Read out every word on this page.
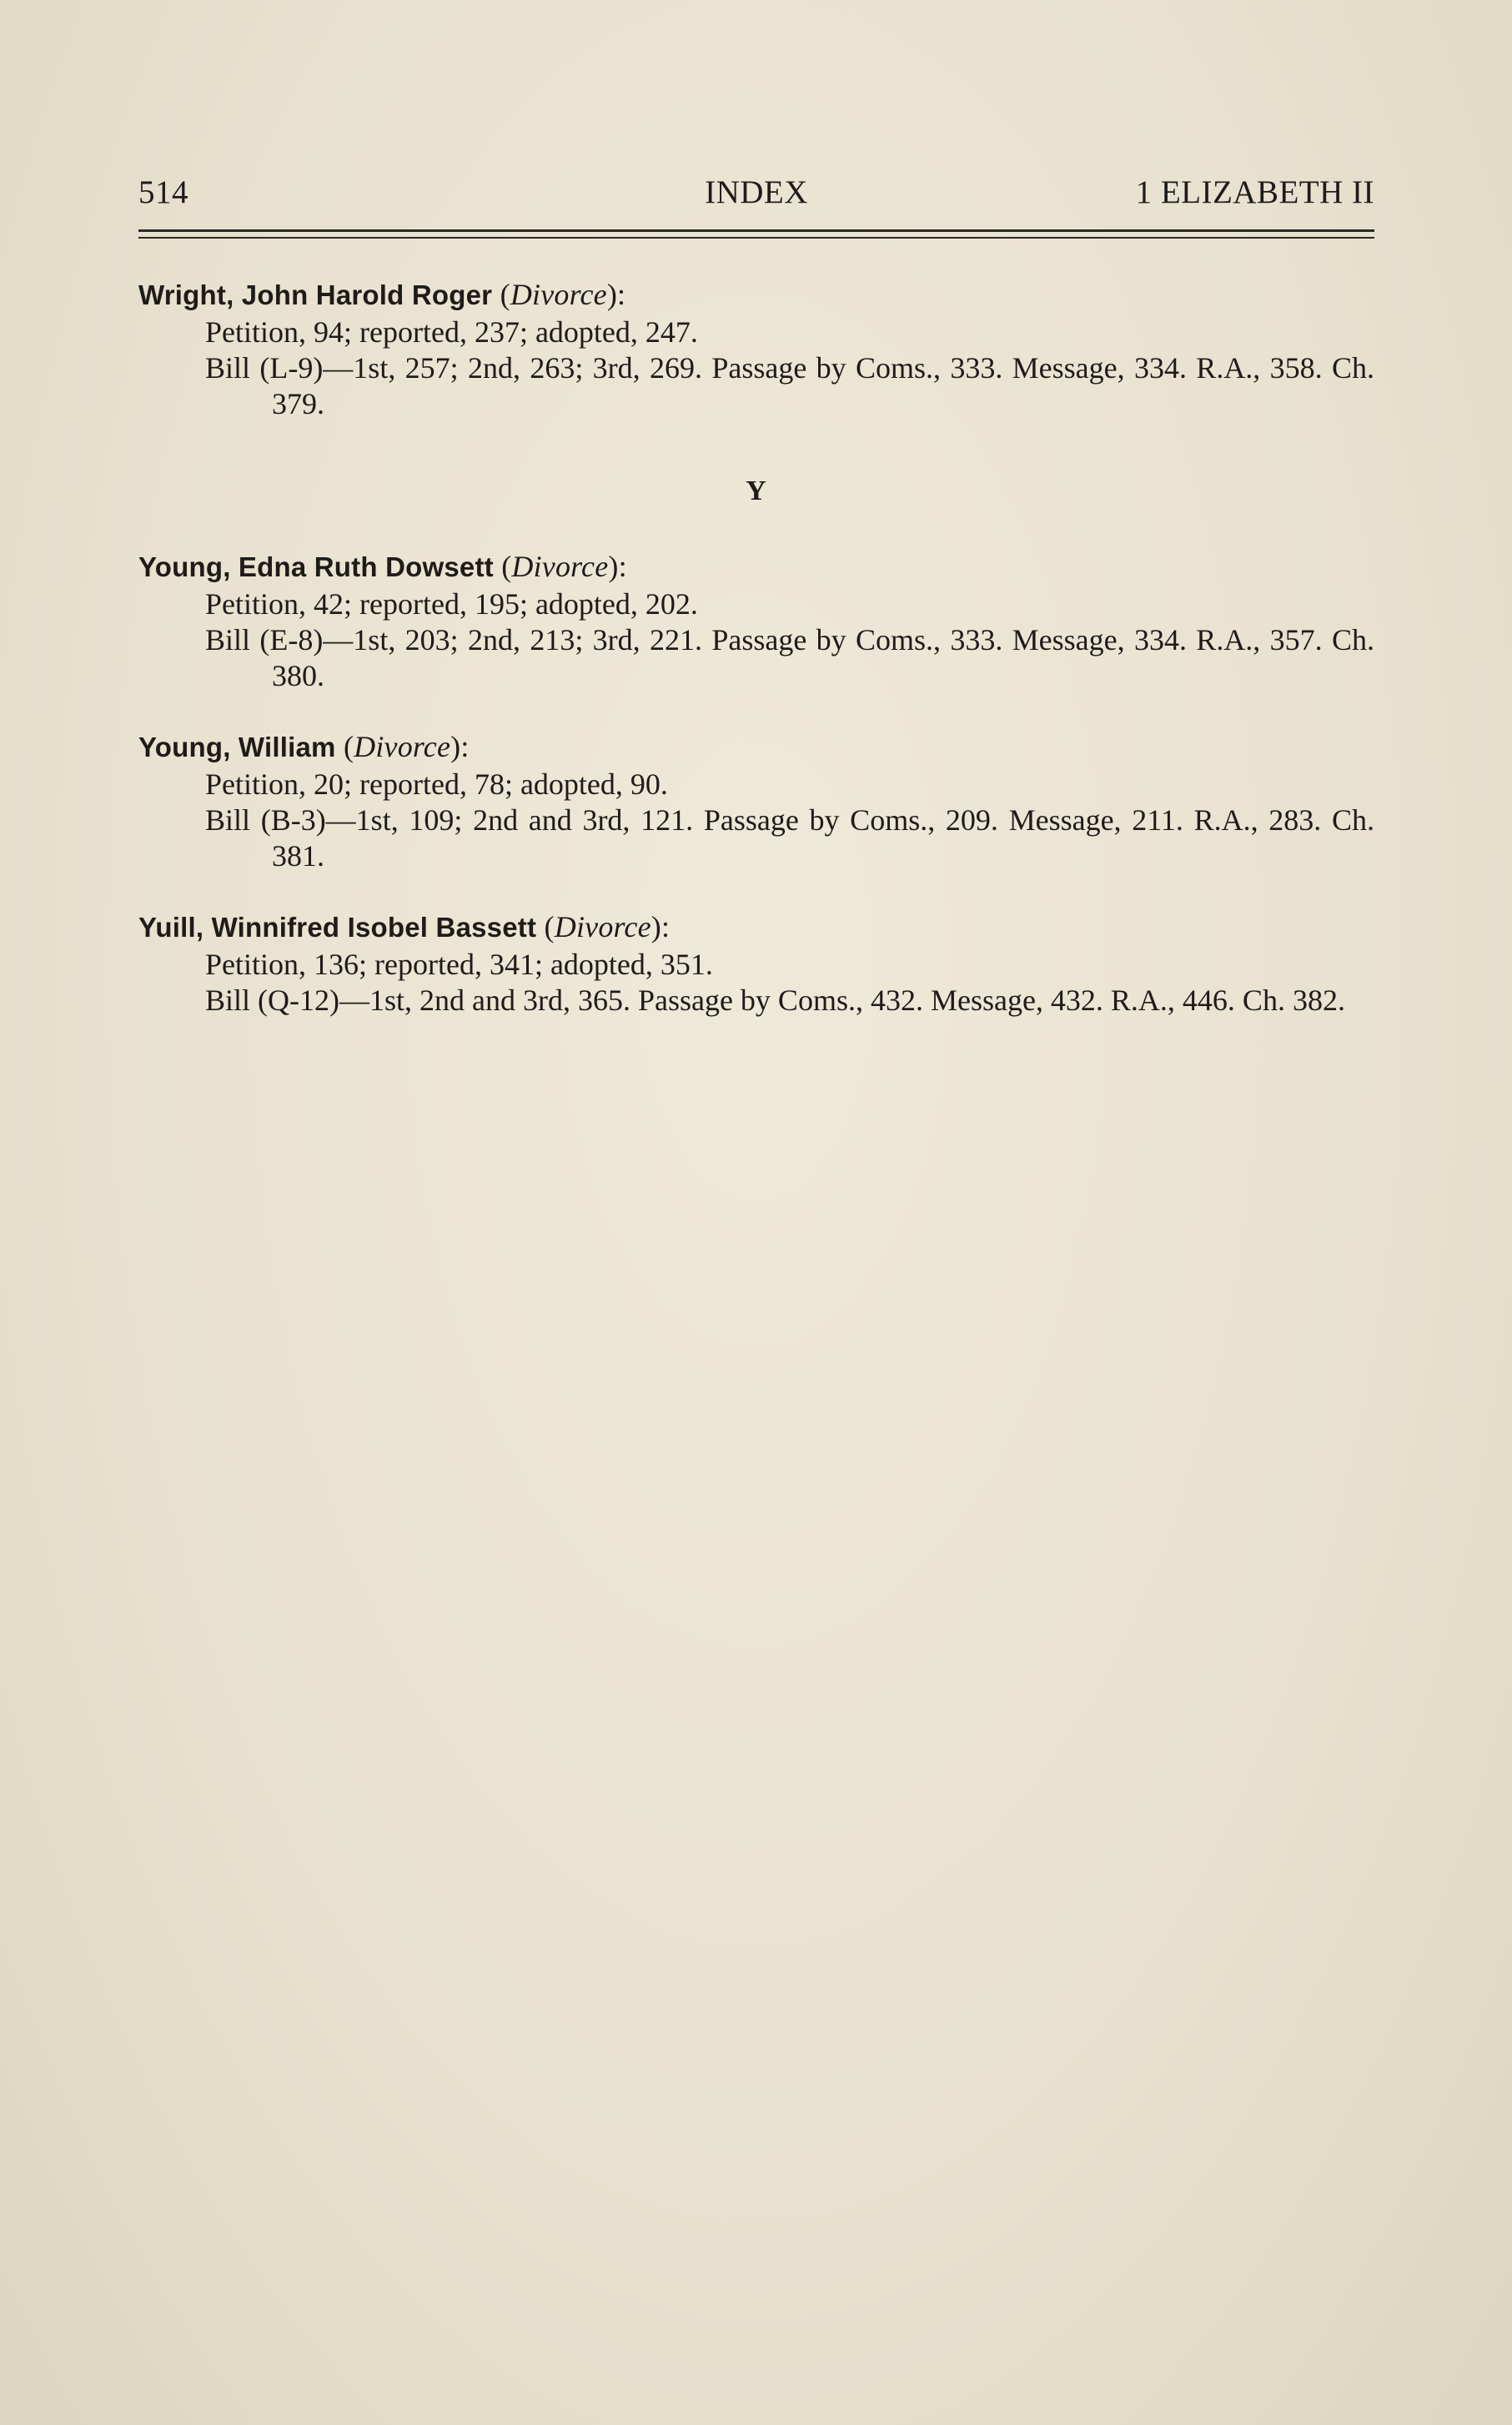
514	INDEX	1 ELIZABETH II
Wright, John Harold Roger (Divorce):
Petition, 94; reported, 237; adopted, 247.
Bill (L-9)—1st, 257; 2nd, 263; 3rd, 269. Passage by Coms., 333. Message, 334. R.A., 358. Ch. 379.
Y
Young, Edna Ruth Dowsett (Divorce):
Petition, 42; reported, 195; adopted, 202.
Bill (E-8)—1st, 203; 2nd, 213; 3rd, 221. Passage by Coms., 333. Message, 334. R.A., 357. Ch. 380.
Young, William (Divorce):
Petition, 20; reported, 78; adopted, 90.
Bill (B-3)—1st, 109; 2nd and 3rd, 121. Passage by Coms., 209. Message, 211. R.A., 283. Ch. 381.
Yuill, Winnifred Isobel Bassett (Divorce):
Petition, 136; reported, 341; adopted, 351.
Bill (Q-12)—1st, 2nd and 3rd, 365. Passage by Coms., 432. Message, 432. R.A., 446. Ch. 382.
